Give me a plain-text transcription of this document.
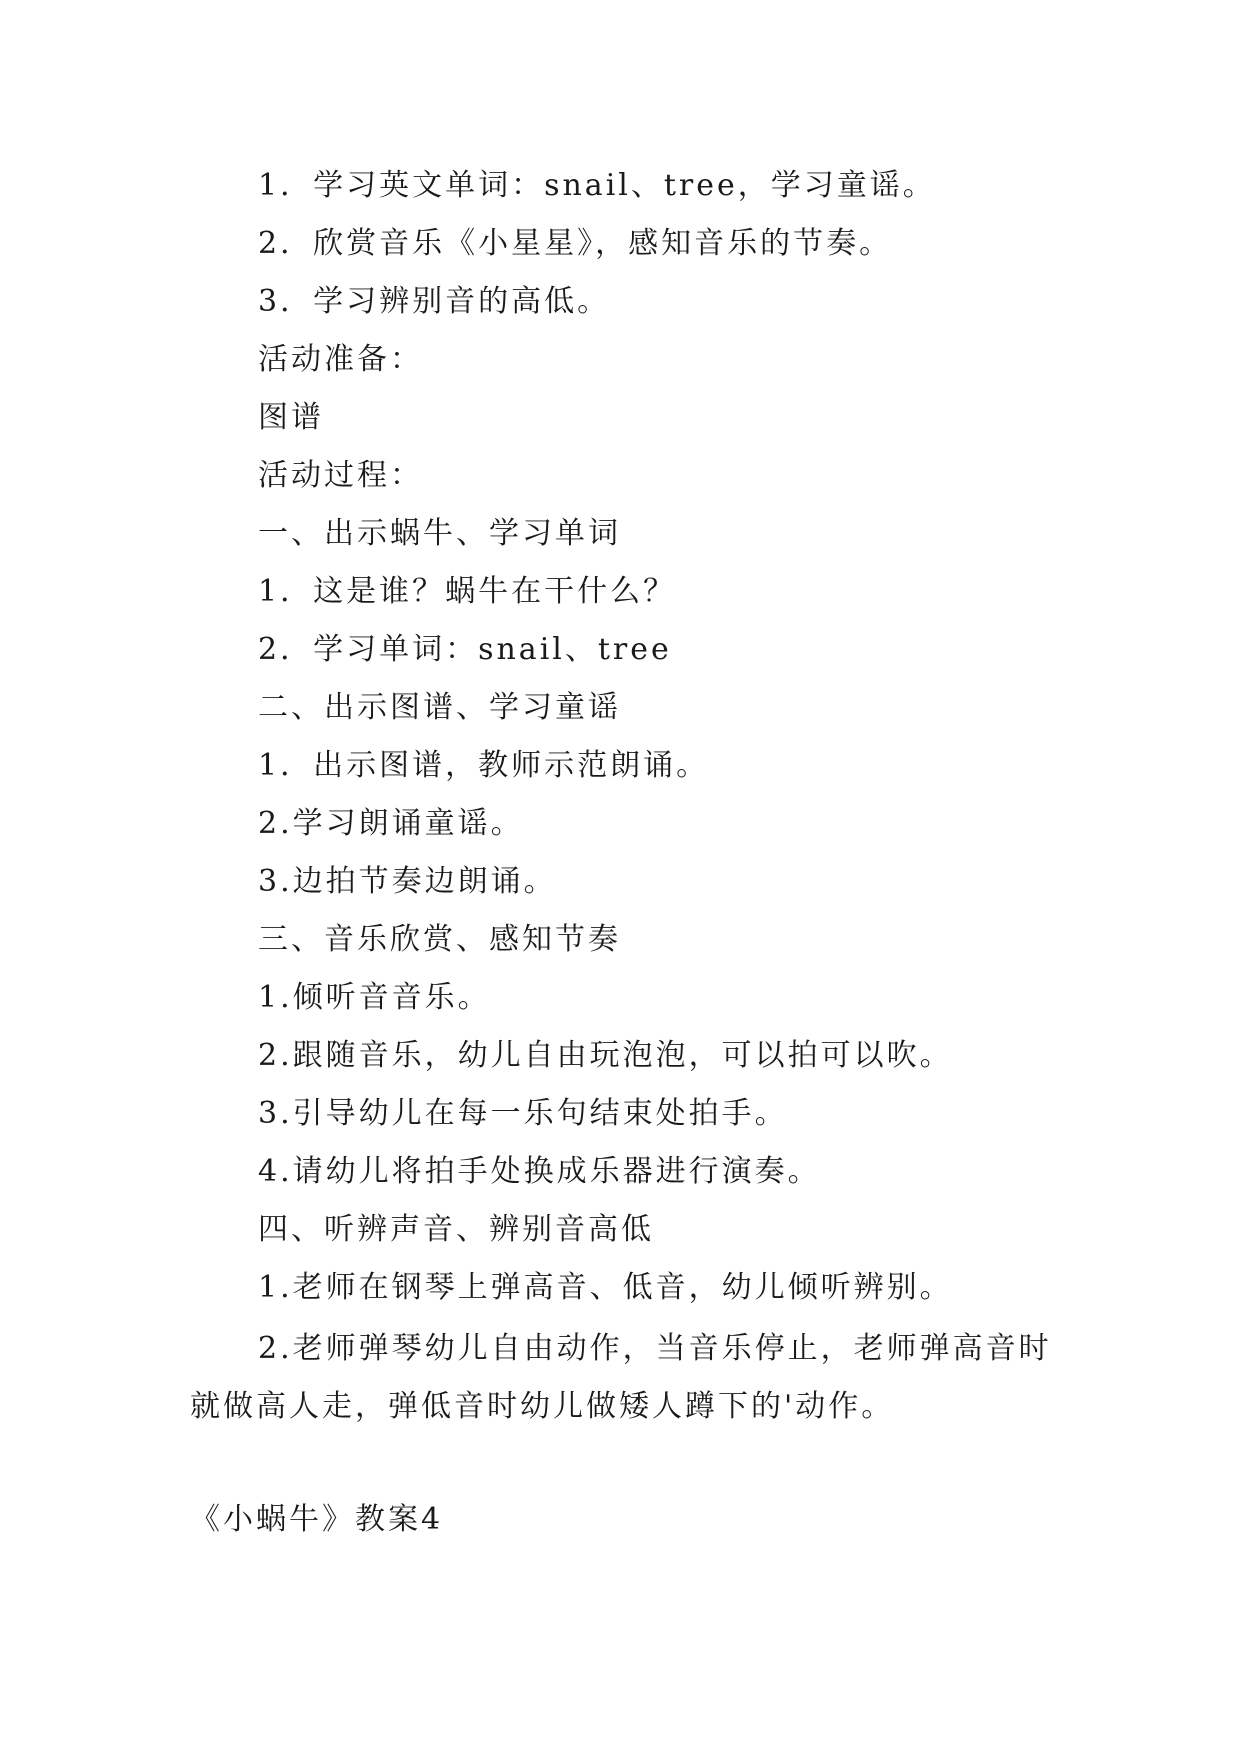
1．学习英文单词：snail、tree，学习童谣。
2．欣赏音乐《小星星》，感知音乐的节奏。
3．学习辨别音的高低。
活动准备：
图谱
活动过程：
一、出示蜗牛、学习单词
1．这是谁？蜗牛在干什么？
2．学习单词：snail、tree
二、出示图谱、学习童谣
1．出示图谱，教师示范朗诵。
2.学习朗诵童谣。
3.边拍节奏边朗诵。
三、音乐欣赏、感知节奏
1.倾听音音乐。
2.跟随音乐，幼儿自由玩泡泡，可以拍可以吹。
3.引导幼儿在每一乐句结束处拍手。
4.请幼儿将拍手处换成乐器进行演奏。
四、听辨声音、辨别音高低
1.老师在钢琴上弹高音、低音，幼儿倾听辨别。
2.老师弹琴幼儿自由动作，当音乐停止，老师弹高音时就做高人走，弹低音时幼儿做矮人蹲下的'动作。
《小蜗牛》教案4
